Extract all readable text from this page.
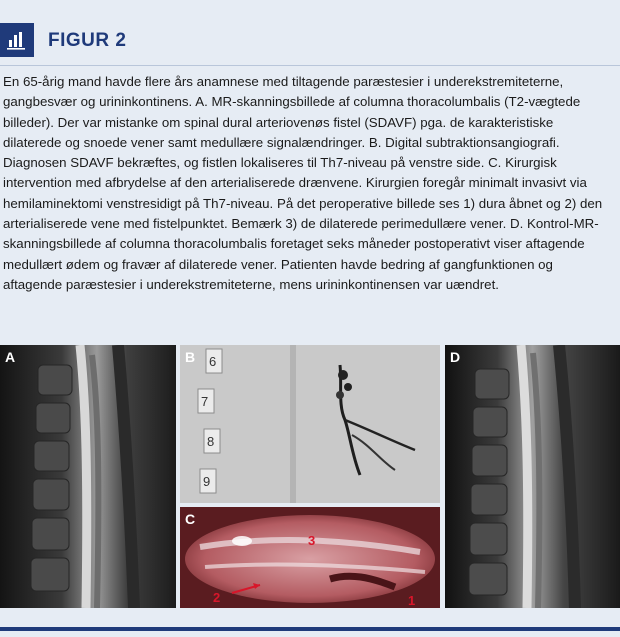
FIGUR 2
En 65-årig mand havde flere års anamnese med tiltagende paræstesier i underekstremiteterne, gangbesvær og urininkontinens. A. MR-skanningsbillede af columna thoracolumbalis (T2-vægtede billeder). Der var mistanke om spinal dural arteriovenøs fistel (SDAVF) pga. de karakteristiske dilaterede og snoede vener samt medullære signalændringer. B. Digital subtraktionsangiografi. Diagnosen SDAVF bekræftes, og fistlen lokaliseres til Th7-niveau på venstre side. C. Kirurgisk intervention med afbrydelse af den arterialiserede drænvene. Kirurgien foregår minimalt invasivt via hemilaminektomi venstresidigt på Th7-niveau. På det peroperative billede ses 1) dura åbnet og 2) den arterialiserede vene med fistelpunktet. Bemærk 3) de dilaterede perimedullære vener. D. Kontrol-MR-skanningsbillede af columna thoracolumbalis foretaget seks måneder postoperativt viser aftagende medullært ødem og fravær af dilaterede vener. Patienten havde bedring af gangfunktionen og aftagende paræstesier i underekstremiteterne, mens urininkontinensen var uændret.
A	B 6
7
8
9
C
3
2	1
D
